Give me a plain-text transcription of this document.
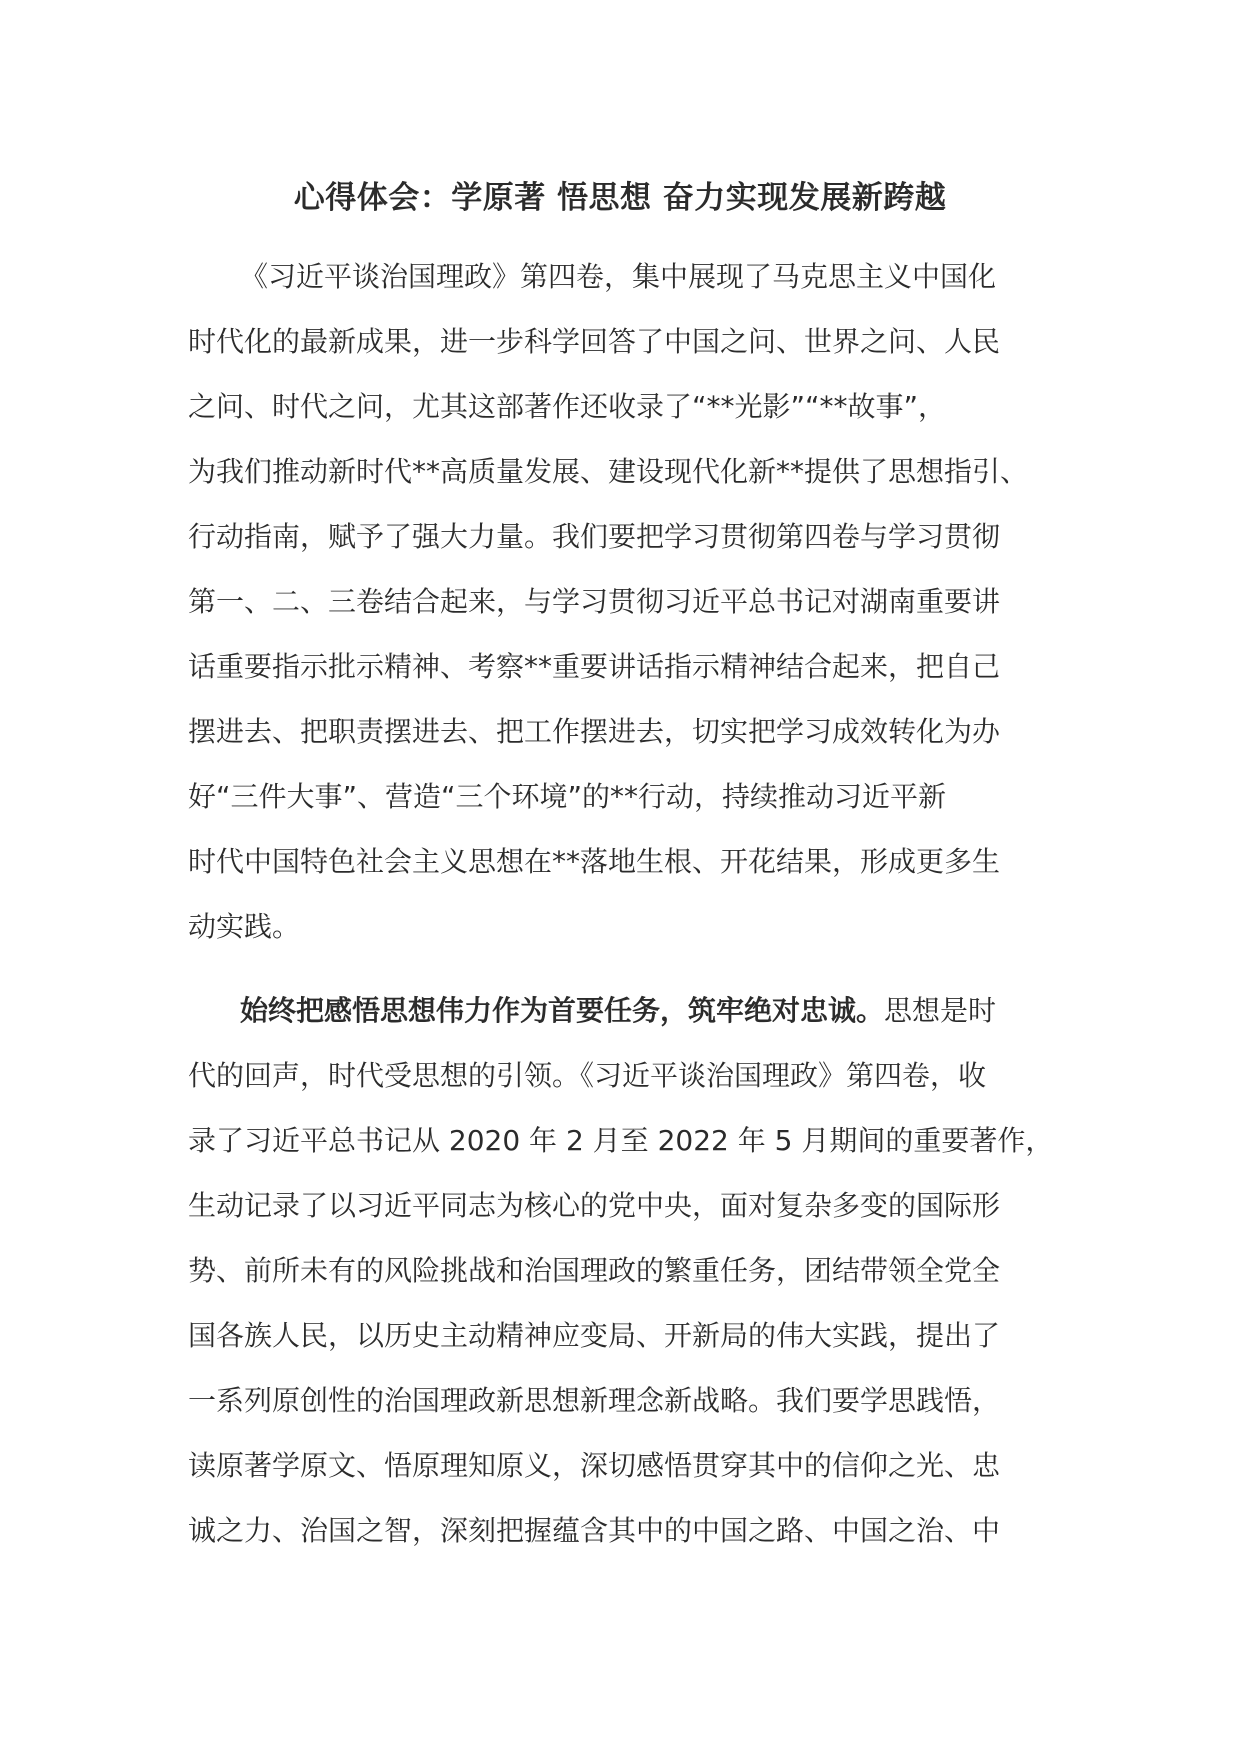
心得体会：学原著 悟思想 奋力实现发展新跨越
《习近平谈治国理政》第四卷，集中展现了马克思主义中国化
时代化的最新成果，进一步科学回答了中国之问、世界之问、人民
之问、时代之问，尤其这部著作还收录了“**光影”“**故事”，
为我们推动新时代**高质量发展、建设现代化新**提供了思想指引、
行动指南，赋予了强大力量。我们要把学习贯彻第四卷与学习贯彻
第一、二、三卷结合起来，与学习贯彻习近平总书记对湖南重要讲
话重要指示批示精神、考察**重要讲话指示精神结合起来，把自己
摆进去、把职责摆进去、把工作摆进去，切实把学习成效转化为办
好“三件大事”、营造“三个环境”的**行动，持续推动习近平新
时代中国特色社会主义思想在**落地生根、开花结果，形成更多生
动实践。
始终把感悟思想伟力作为首要任务，筑牢绝对忠诚。思想是时
代的回声，时代受思想的引领。《习近平谈治国理政》第四卷，收
录了习近平总书记从 2020 年 2 月至 2022 年 5 月期间的重要著作，
生动记录了以习近平同志为核心的党中央，面对复杂多变的国际形
势、前所未有的风险挑战和治国理政的繁重任务，团结带领全党全
国各族人民，以历史主动精神应变局、开新局的伟大实践，提出了
一系列原创性的治国理政新思想新理念新战略。我们要学思践悟，
读原著学原文、悟原理知原义，深切感悟贯穿其中的信仰之光、忠
诚之力、治国之智，深刻把握蕴含其中的中国之路、中国之治、中
